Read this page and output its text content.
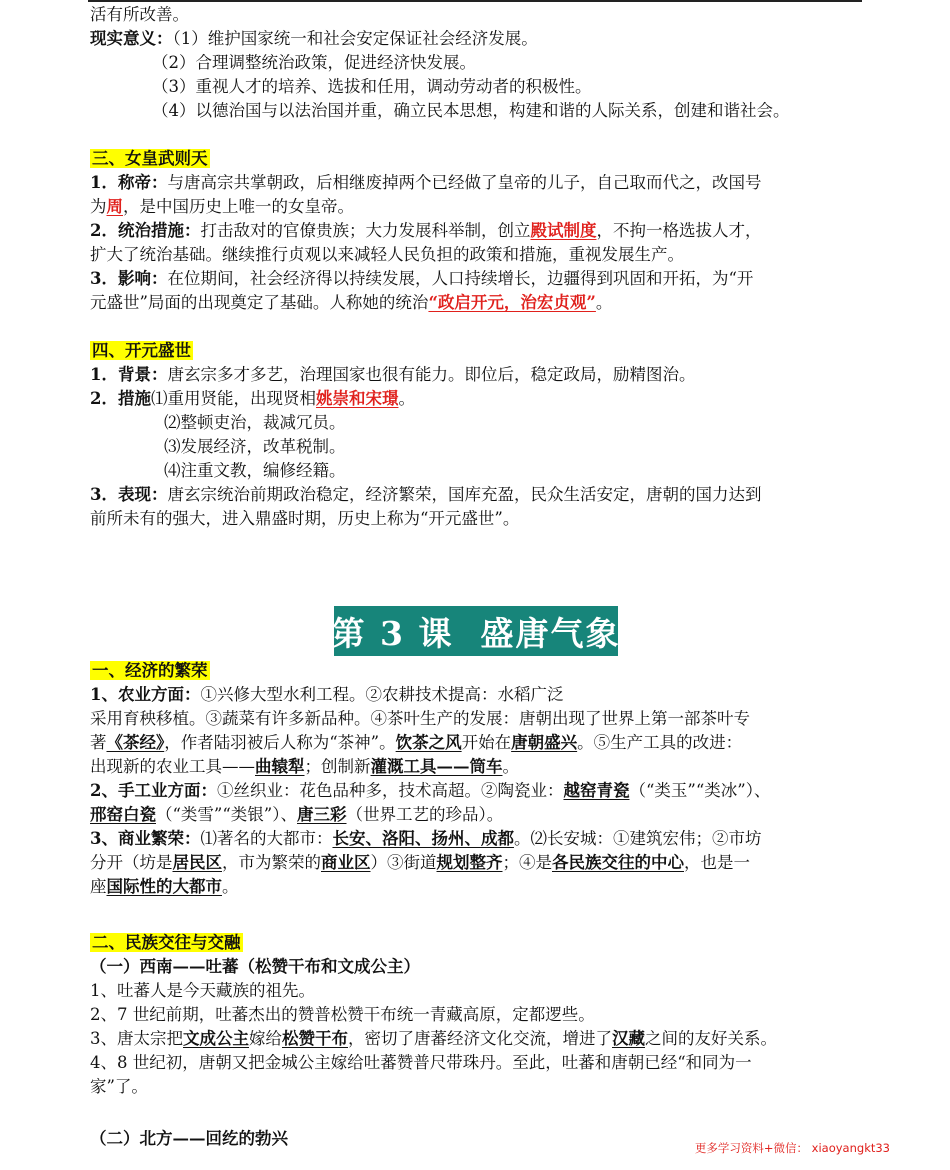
活有所改善。
现实意义：（1）维护国家统一和社会安定保证社会经济发展。
（2）合理调整统治政策，促进经济快发展。
（3）重视人才的培养、选拔和任用，调动劳动者的积极性。
（4）以德治国与以法治国并重，确立民本思想，构建和谐的人际关系，创建和谐社会。
三、女皇武则天
1．称帝：与唐高宗共掌朝政，后相继废掉两个已经做了皇帝的儿子，自己取而代之，改国号
为周，是中国历史上唯一的女皇帝。
2．统治措施：打击敌对的官僚贵族；大力发展科举制，创立殿试制度，不拘一格选拔人才，
扩大了统治基础。继续推行贞观以来减轻人民负担的政策和措施，重视发展生产。
3．影响：在位期间，社会经济得以持续发展，人口持续增长，边疆得到巩固和开拓，为“开
元盛世”局面的出现奠定了基础。人称她的统治“政启开元，治宏贞观”。
四、开元盛世
1．背景：唐玄宗多才多艺，治理国家也很有能力。即位后，稳定政局，励精图治。
2．措施⑴重用贤能，出现贤相姚崇和宋璟。
⑵整顿吏治，裁减冗员。
⑶发展经济，改革税制。
⑷注重文教，编修经籍。
3．表现：唐玄宗统治前期政治稳定，经济繁荣，国库充盈，民众生活安定，唐朝的国力达到
前所未有的强大，进入鼎盛时期，历史上称为“开元盛世”。
第 3 课
盛唐气象
一、经济的繁荣
1、农业方面：①兴修大型水利工程。②农耕技术提高：水稻广泛
采用育秧移植。③蔬菜有许多新品种。④茶叶生产的发展：唐朝出现了世界上第一部茶叶专
著《茶经》，作者陆羽被后人称为“茶神”。饮茶之风开始在唐朝盛兴。⑤生产工具的改进：
出现新的农业工具——曲辕犁；创制新灌溉工具——筒车。
2、手工业方面：①丝织业：花色品种多，技术高超。②陶瓷业：越窑青瓷（“类玉”“类冰”）、
邢窑白瓷（“类雪”“类银”）、唐三彩（世界工艺的珍品）。
3、商业繁荣：⑴著名的大都市：长安、洛阳、扬州、成都。⑵长安城：①建筑宏伟；②市坊
分开（坊是居民区，市为繁荣的商业区）③街道规划整齐；④是各民族交往的中心，也是一
座国际性的大都市。
二、民族交往与交融
（一）西南——吐蕃（松赞干布和文成公主）
1、吐蕃人是今天藏族的祖先。
2、7 世纪前期，吐蕃杰出的赞普松赞干布统一青藏高原，定都逻些。
3、唐太宗把文成公主嫁给松赞干布，密切了唐蕃经济文化交流，增进了汉藏之间的友好关系。
4、8 世纪初，唐朝又把金城公主嫁给吐蕃赞普尺带珠丹。至此，吐蕃和唐朝已经“和同为一
家”了。
（二）北方——回纥的勃兴	更多学习资料+微信： xiaoyangkt33
